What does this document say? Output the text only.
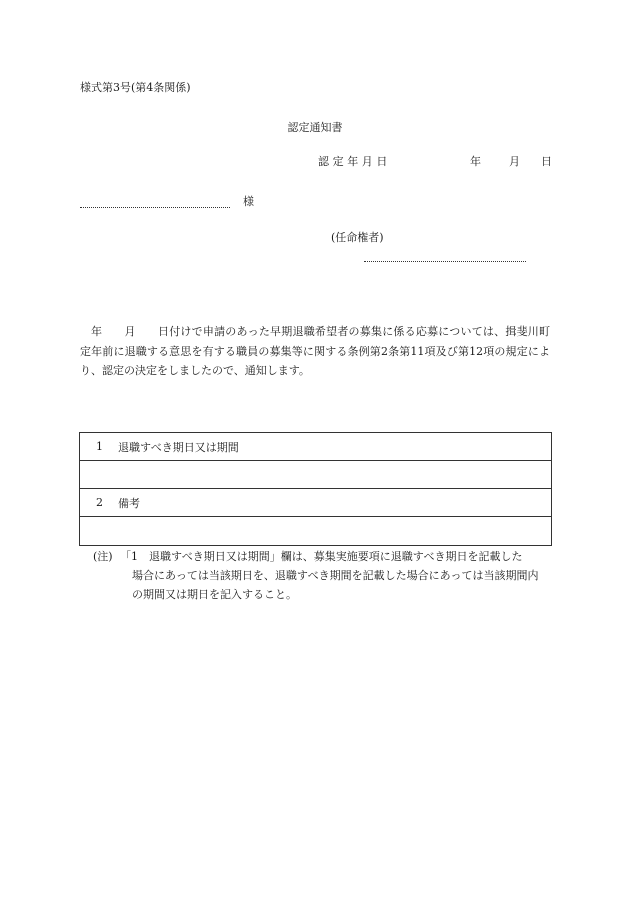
様式第3号(第4条関係)
認定通知書
認定年月日	年	月 日
様
(任命権者)
年 月 日付けで申請のあった早期退職希望者の募集に係る応募については、揖斐川町定年前に退職する意思を有する職員の募集等に関する条例第2条第11項及び第12項の規定により、認定の決定をしましたので、通知します。
1	退職すべき期日又は期間
2	備考
(注) 「1　退職すべき期日又は期間」欄は、募集実施要項に退職すべき期日を記載した
場合にあっては当該期日を、退職すべき期間を記載した場合にあっては当該期間内
の期間又は期日を記入すること。
